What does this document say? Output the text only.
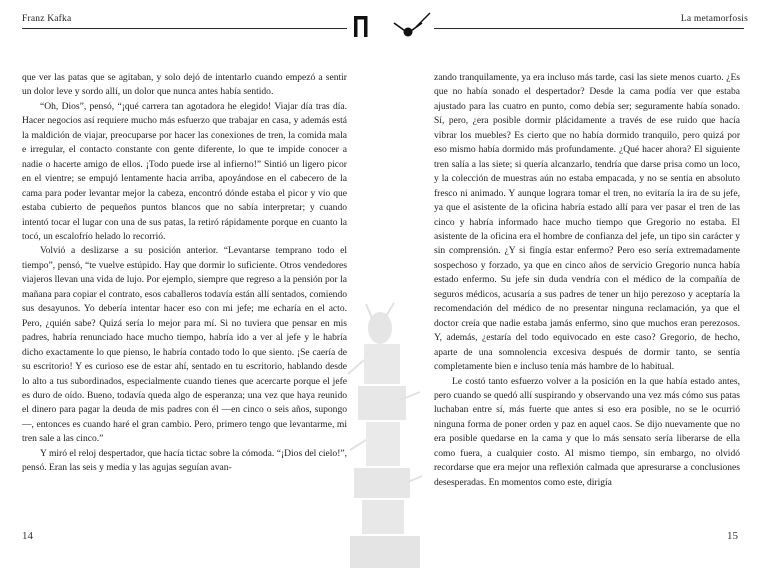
Franz Kafka	La metamorfosis

que ver las patas que se agitaban, y solo dejó de intentarlo cuando empezó a sentir un dolor leve y sordo allí, un dolor que nunca antes había sentido.

“Oh, Dios”, pensó, “¡qué carrera tan agotadora he elegido! Viajar día tras día. Hacer negocios así requiere mucho más esfuerzo que trabajar en casa, y además está la maldición de viajar, preocuparse por hacer las conexiones de tren, la comida mala e irregular, el contacto constante con gente diferente, lo que te impide conocer a nadie o hacerte amigo de ellos. ¡Todo puede irse al infierno!” Sintió un ligero picor en el vientre; se empujó lentamente hacia arriba, apoyándose en el cabecero de la cama para poder levantar mejor la cabeza, encontró dónde estaba el picor y vio que estaba cubierto de pequeños puntos blancos que no sabía interpretar; y cuando intentó tocar el lugar con una de sus patas, la retiró rápidamente porque en cuanto la tocó, un escalofrío helado lo recorrió.

Volvió a deslizarse a su posición anterior. “Levantarse temprano todo el tiempo”, pensó, “te vuelve estúpido. Hay que dormir lo suficiente. Otros vendedores viajeros llevan una vida de lujo. Por ejemplo, siempre que regreso a la pensión por la mañana para copiar el contrato, esos caballeros todavía están allí sentados, comiendo sus desayunos. Yo debería intentar hacer eso con mi jefe; me echaría en el acto. Pero, ¿quién sabe? Quizá sería lo mejor para mí. Si no tuviera que pensar en mis padres, habría renunciado hace mucho tiempo, habría ido a ver al jefe y le habría dicho exactamente lo que pienso, le habría contado todo lo que siento. ¡Se caería de su escritorio! Y es curioso ese de estar ahí, sentado en tu escritorio, hablando desde lo alto a tus subordinados, especialmente cuando tienes que acercarte porque el jefe es duro de oído. Bueno, todavía queda algo de esperanza; una vez que haya reunido el dinero para pagar la deuda de mis padres con él —en cinco o seis años, supongo—, entonces es cuando haré el gran cambio. Pero, primero tengo que levantarme, mi tren sale a las cinco.”

Y miró el reloj despertador, que hacía tictac sobre la cómoda. “¡Dios del cielo!”, pensó. Eran las seis y media y las agujas seguían avan-

zando tranquilamente, ya era incluso más tarde, casi las siete menos cuarto. ¿Es que no había sonado el despertador? Desde la cama podía ver que estaba ajustado para las cuatro en punto, como debía ser; seguramente había sonado. Sí, pero, ¿era posible dormir plácidamente a través de ese ruido que hacía vibrar los muebles? Es cierto que no había dormido tranquilo, pero quizá por eso mismo había dormido más profundamente. ¿Qué hacer ahora? El siguiente tren salía a las siete; si quería alcanzarlo, tendría que darse prisa como un loco, y la colección de muestras aún no estaba empacada, y no se sentía en absoluto fresco ni animado. Y aunque lograra tomar el tren, no evitaría la ira de su jefe, ya que el asistente de la oficina habría estado allí para ver pasar el tren de las cinco y habría informado hace mucho tiempo que Gregorio no estaba. El asistente de la oficina era el hombre de confianza del jefe, un tipo sin carácter y sin comprensión. ¿Y si fingía estar enfermo? Pero eso sería extremadamente sospechoso y forzado, ya que en cinco años de servicio Gregorio nunca había estado enfermo. Su jefe sin duda vendría con el médico de la compañía de seguros médicos, acusaría a sus padres de tener un hijo perezoso y aceptaría la recomendación del médico de no presentar ninguna reclamación, ya que el doctor creía que nadie estaba jamás enfermo, sino que muchos eran perezosos. Y, además, ¿estaría del todo equivocado en este caso? Gregorio, de hecho, aparte de una somnolencia excesiva después de dormir tanto, se sentía completamente bien e incluso tenía más hambre de lo habitual.

Le costó tanto esfuerzo volver a la posición en la que había estado antes, pero cuando se quedó allí suspirando y observando una vez más cómo sus patas luchaban entre sí, más fuerte que antes si eso era posible, no se le ocurrió ninguna forma de poner orden y paz en aquel caos. Se dijo nuevamente que no era posible quedarse en la cama y que lo más sensato sería liberarse de ella como fuera, a cualquier costo. Al mismo tiempo, sin embargo, no olvidó recordarse que era mejor una reflexión calmada que apresurarse a conclusiones desesperadas. En momentos como este, dirigía

14	15
